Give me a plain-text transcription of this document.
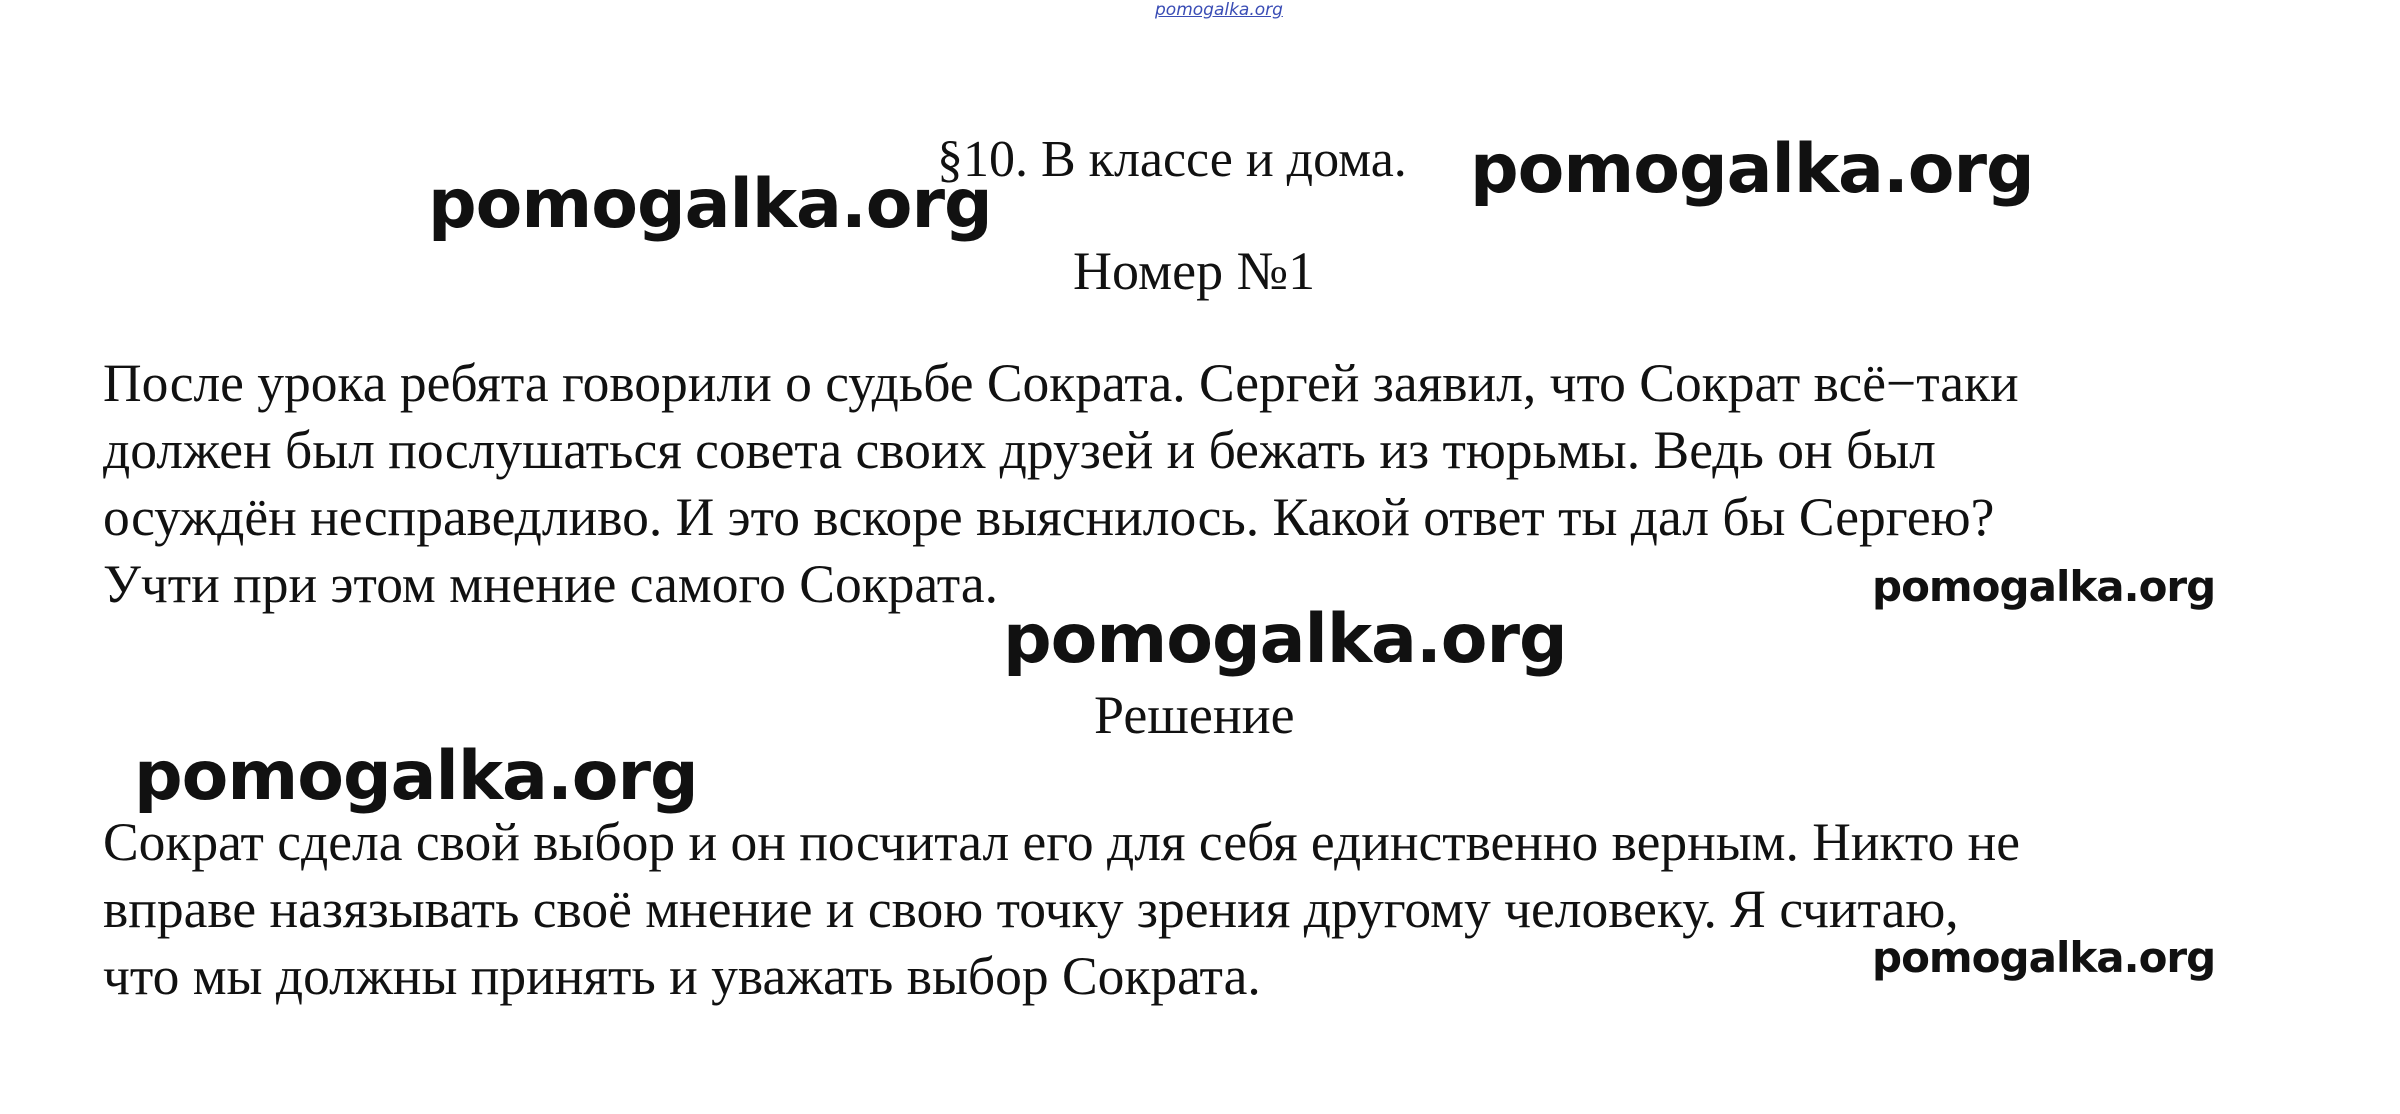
pomogalka.org
§10. В классе и дома.
Номер №1
После урока ребята говорили о судьбе Сократа. Сергей заявил, что Сократ всё−таки
должен был послушаться совета своих друзей и бежать из тюрьмы. Ведь он был
осуждён несправедливо. И это вскоре выяснилось. Какой ответ ты дал бы Сергею?
Учти при этом мнение самого Сократа.
Решение
Сократ сдела свой выбор и он посчитал его для себя единственно верным. Никто не
вправе назязывать своё мнение и свою точку зрения другому человеку. Я считаю,
что мы должны принять и уважать выбор Сократа.
pomogalka.org	pomogalka.org
pomogalka.org
pomogalka.org
pomogalka.org
pomogalka.org
